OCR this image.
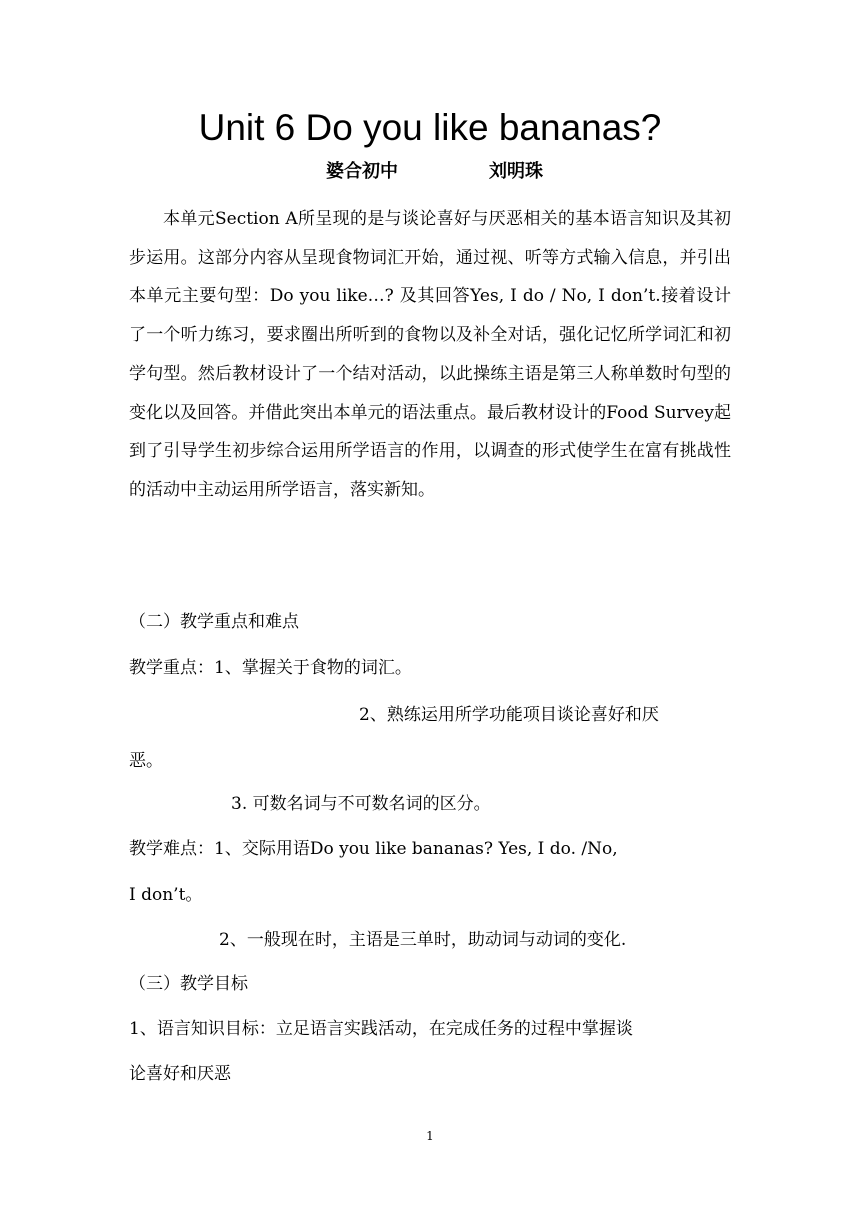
Unit 6 Do you like bananas?
婆合初中	刘明珠

本单元Section A所呈现的是与谈论喜好与厌恶相关的基本语言知识及其初步运用。这部分内容从呈现食物词汇开始，通过视、听等方式输入信息，并引出本单元主要句型：Do you like…? 及其回答Yes, I do / No, I don’t.接着设计了一个听力练习，要求圈出所听到的食物以及补全对话，强化记忆所学词汇和初学句型。然后教材设计了一个结对活动，以此操练主语是第三人称单数时句型的变化以及回答。并借此突出本单元的语法重点。最后教材设计的Food Survey起到了引导学生初步综合运用所学语言的作用，以调查的形式使学生在富有挑战性的活动中主动运用所学语言，落实新知。

（二）教学重点和难点
教学重点：1、掌握关于食物的词汇。
2、熟练运用所学功能项目谈论喜好和厌
恶。
3. 可数名词与不可数名词的区分。
教学难点：1、交际用语Do you like bananas? Yes, I do. /No,
I don’t。
2、一般现在时，主语是三单时，助动词与动词的变化.
（三）教学目标
1、语言知识目标：立足语言实践活动，在完成任务的过程中掌握谈
论喜好和厌恶
1
